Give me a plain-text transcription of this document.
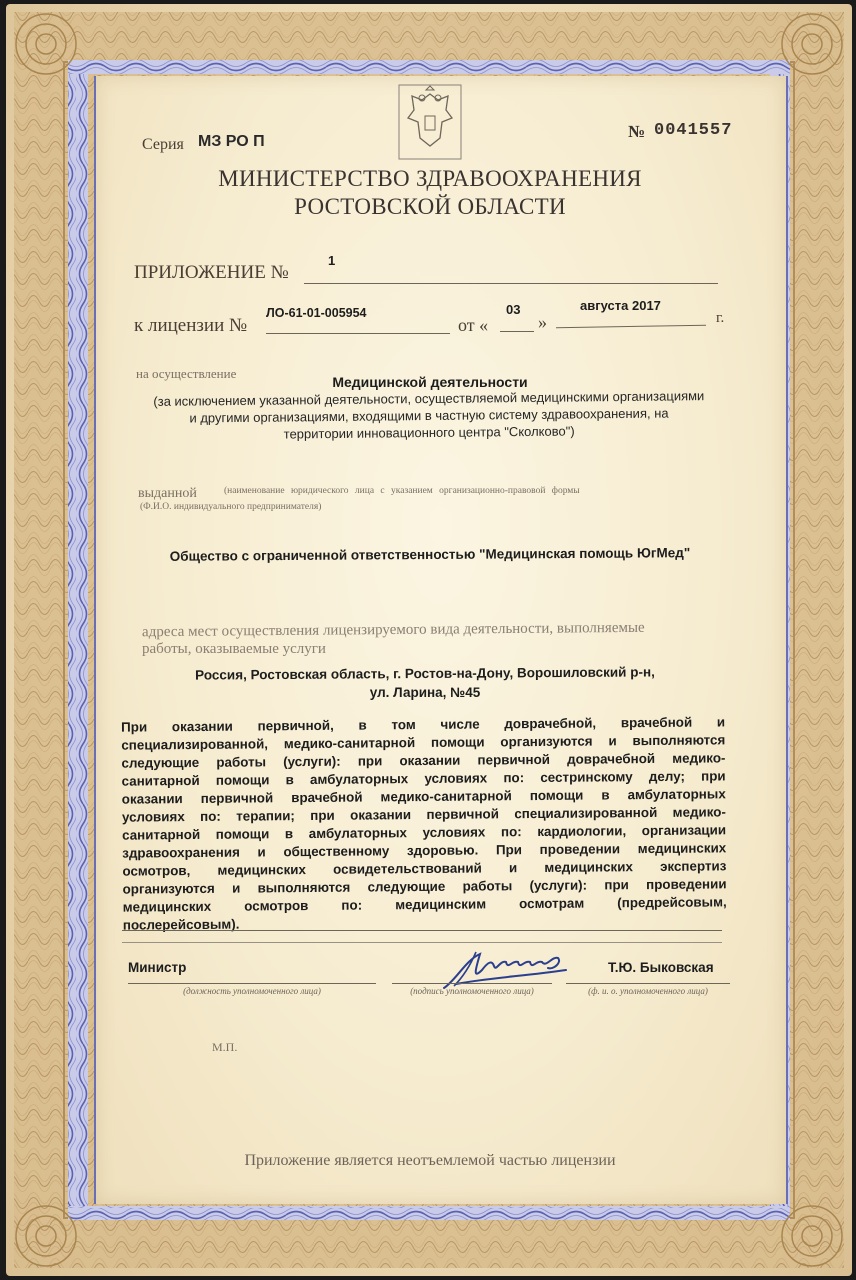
Серия МЗ РО П
№ 0041557
МИНИСТЕРСТВО ЗДРАВООХРАНЕНИЯ
РОСТОВСКОЙ ОБЛАСТИ
ПРИЛОЖЕНИЕ №
1
к лицензии №
ЛО-61-01-005954
от «
03
»
августа 2017
г.
на осуществление
Медицинской деятельности
(за исключением указанной деятельности, осуществляемой медицинскими организациями
и другими организациями, входящими в частную систему здравоохранения, на
территории инновационного центра "Сколково")
выданной	(наименование юридического лица с указанием организационно-правовой формы
(Ф.И.О. индивидуального предпринимателя)
Общество с ограниченной ответственностью "Медицинская помощь ЮгМед"
адреса мест осуществления лицензируемого вида деятельности, выполняемые
работы, оказываемые услуги
Россия, Ростовская область, г. Ростов-на-Дону, Ворошиловский р-н,
ул. Ларина, №45
При оказании первичной, в том числе доврачебной, врачебной и
специализированной, медико-санитарной помощи организуются и выполняются
следующие работы (услуги): при оказании первичной доврачебной медико-
санитарной помощи в амбулаторных условиях по: сестринскому делу; при
оказании первичной врачебной медико-санитарной помощи в амбулаторных
условиях по: терапии; при оказании первичной специализированной медико-
санитарной помощи в амбулаторных условиях по: кардиологии, организации
здравоохранения и общественному здоровью. При проведении медицинских
осмотров, медицинских освидетельствований и медицинских экспертиз
организуются и выполняются следующие работы (услуги): при проведении
медицинских осмотров по: медицинским осмотрам (предрейсовым,
послерейсовым).
Министр
(должность уполномоченного лица)	(подпись уполномоченного лица)
Т.Ю. Быковская
(ф. и. о. уполномоченного лица)
М.П.
Приложение является неотъемлемой частью лицензии
